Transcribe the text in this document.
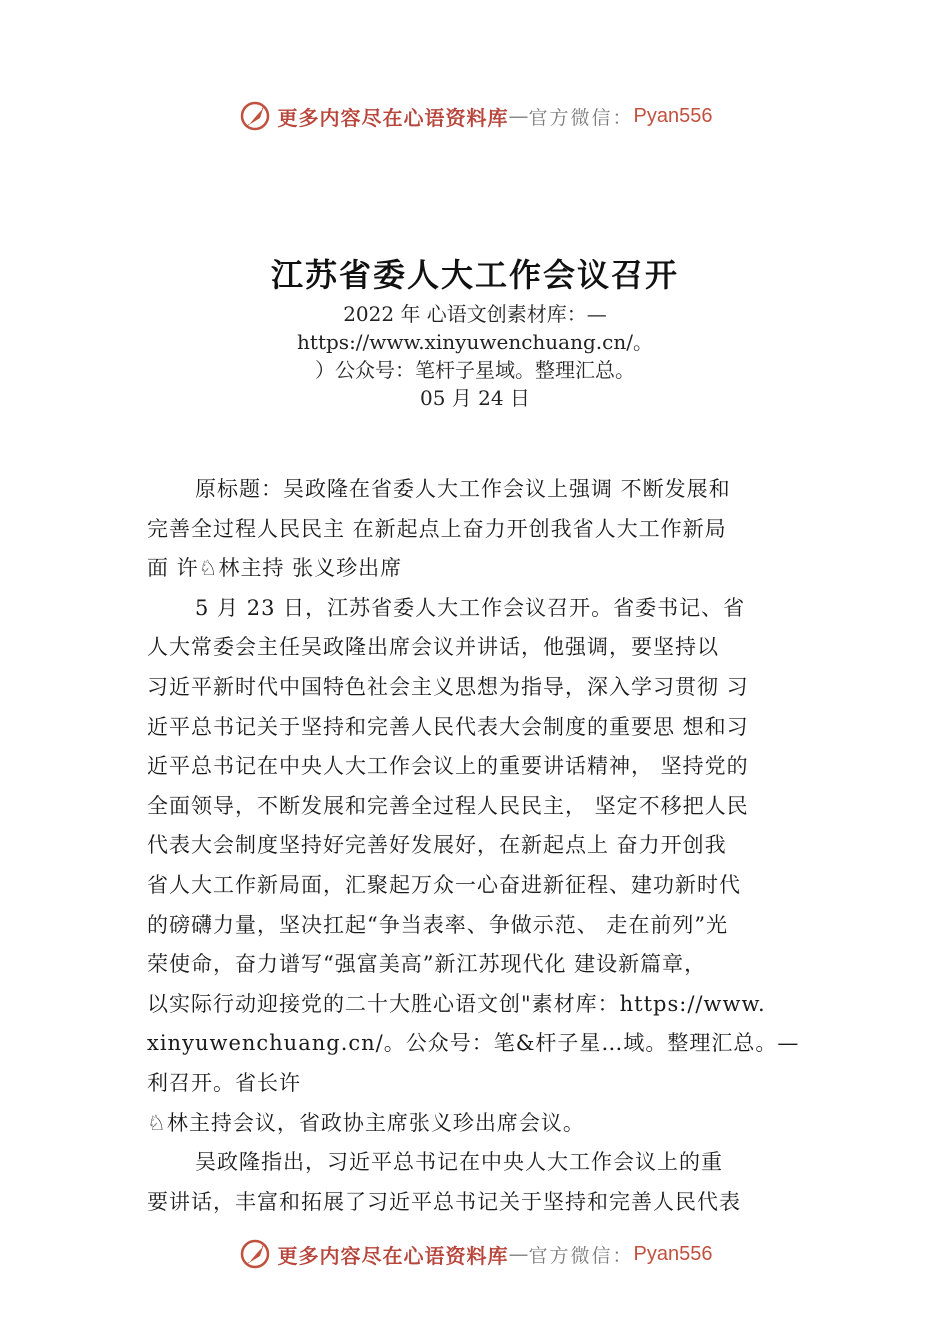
更多内容尽在心语资料库 — 官方微信： Pyan556
江苏省委人大工作会议召开
2022 年 心语文创素材库：—
https://www.xinyuwenchuang.cn/。
）公众号：笔杆子星域。整理汇总。
05 月 24 日
原标题：吴政隆在省委人大工作会议上强调 不断发展和
完善全过程人民民主 在新起点上奋力开创我省人大工作新局
面 许♘林主持 张义珍出席
5 月 23 日，江苏省委人大工作会议召开。省委书记、省
人大常委会主任吴政隆出席会议并讲话，他强调，要坚持以
习近平新时代中国特色社会主义思想为指导，深入学习贯彻 习
近平总书记关于坚持和完善人民代表大会制度的重要思 想和习
近平总书记在中央人大工作会议上的重要讲话精神， 坚持党的
全面领导，不断发展和完善全过程人民民主， 坚定不移把人民
代表大会制度坚持好完善好发展好，在新起点上 奋力开创我
省人大工作新局面，汇聚起万众一心奋进新征程、建功新时代
的磅礴力量，坚决扛起“争当表率、争做示范、 走在前列”光
荣使命，奋力谱写“强富美高”新江苏现代化 建设新篇章，
以实际行动迎接党的二十大胜心语文创"素材库：https://www.
xinyuwenchuang.cn/。公众号：笔&杆子星…域。整理汇总。—
利召开。省长许
♘林主持会议，省政协主席张义珍出席会议。
吴政隆指出，习近平总书记在中央人大工作会议上的重
要讲话，丰富和拓展了习近平总书记关于坚持和完善人民代表
更多内容尽在心语资料库 — 官方微信： Pyan556
